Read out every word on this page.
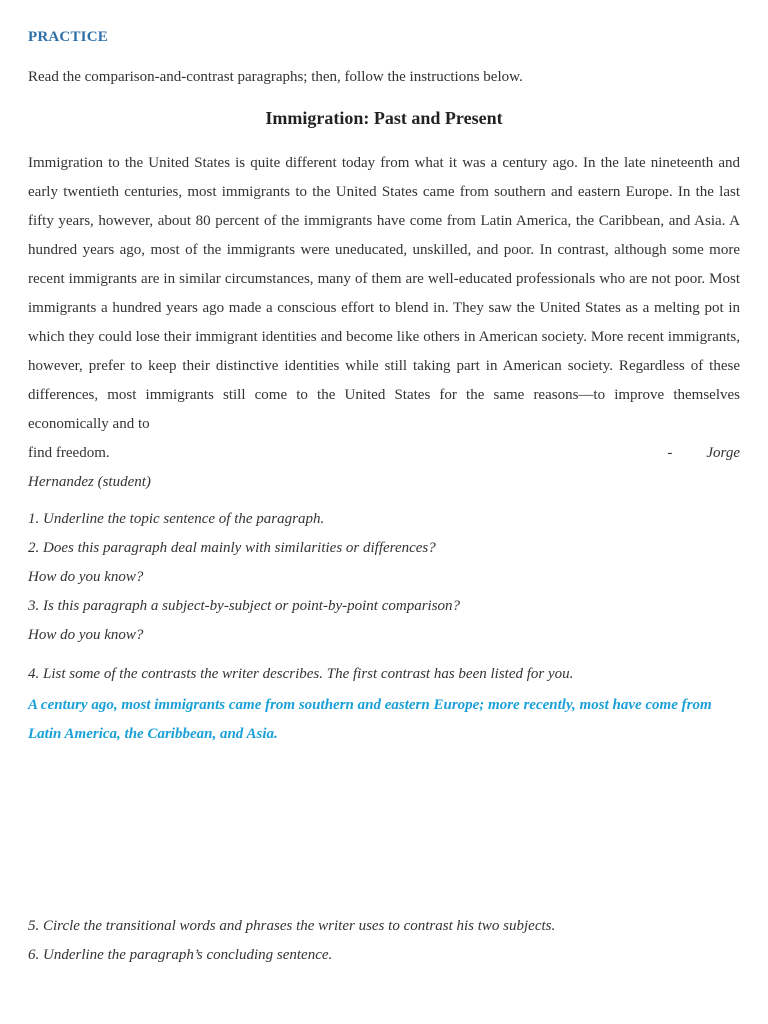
PRACTICE
Read the comparison-and-contrast paragraphs; then, follow the instructions below.
Immigration: Past and Present
Immigration to the United States is quite different today from what it was a century ago. In the late nineteenth and early twentieth centuries, most immigrants to the United States came from southern and eastern Europe. In the last fifty years, however, about 80 percent of the immigrants have come from Latin America, the Caribbean, and Asia. A hundred years ago, most of the immigrants were uneducated, unskilled, and poor. In contrast, although some more recent immigrants are in similar circumstances, many of them are well-educated professionals who are not poor. Most immigrants a hundred years ago made a conscious effort to blend in. They saw the United States as a melting pot in which they could lose their immigrant identities and become like others in American society. More recent immigrants, however, prefer to keep their distinctive identities while still taking part in American society. Regardless of these differences, most immigrants still come to the United States for the same reasons—to improve themselves economically and to
find freedom.	- Jorge
Hernandez (student)
1. Underline the topic sentence of the paragraph.
2. Does this paragraph deal mainly with similarities or differences?
How do you know?
3. Is this paragraph a subject-by-subject or point-by-point comparison?
How do you know?
4. List some of the contrasts the writer describes. The first contrast has been listed for you.

A century ago, most immigrants came from southern and eastern Europe; more recently, most have come from Latin America, the Caribbean, and Asia.

5. Circle the transitional words and phrases the writer uses to contrast his two subjects.
6. Underline the paragraph’s concluding sentence.
